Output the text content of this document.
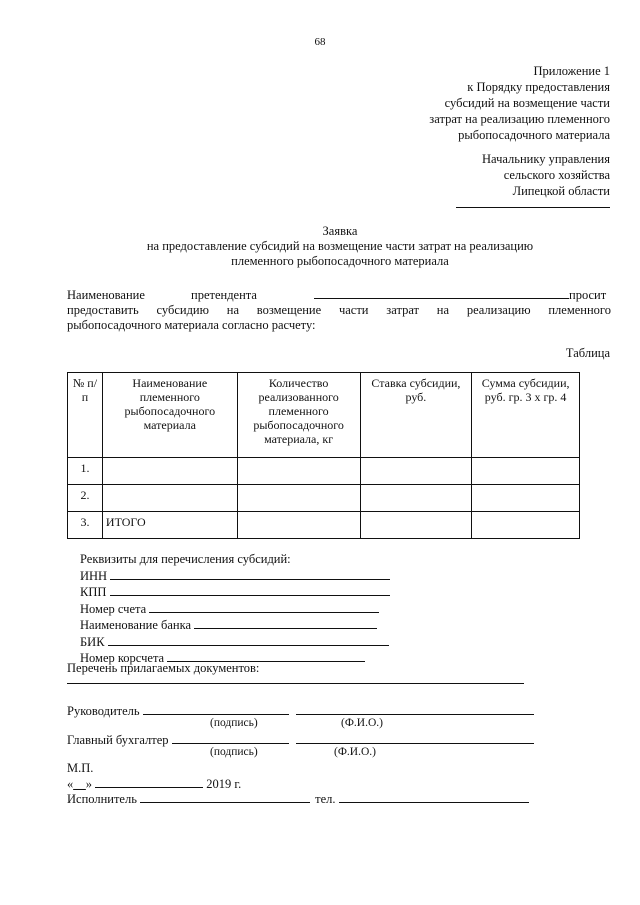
68
Приложение 1
к Порядку предоставления
субсидий на возмещение части
затрат на реализацию племенного
рыбопосадочного материала
Начальнику управления
сельского хозяйства
Липецкой области
Заявка
на предоставление субсидий на возмещение части затрат на реализацию
племенного рыбопосадочного материала
Наименование	претендента	просит
предоставить субсидию на возмещение части затрат на реализацию племенного
рыбопосадочного материала согласно расчету:
Таблица
№ п/п	Наименование племенного рыбопосадочного материала	Количество реализованного племенного рыбопосадочного материала, кг	Ставка субсидии, руб.	Сумма субсидии, руб. гр. 3 х гр. 4
1.				
2.				
3.	ИТОГО			
Реквизиты для перечисления субсидий:
ИНН
КПП
Номер счета
Наименование банка
БИК
Номер корсчета
Перечень прилагаемых документов:
Руководитель
(подпись)	(Ф.И.О.)
Главный бухгалтер
(подпись)	(Ф.И.О.)
М.П.
«__»	2019 г.
Исполнитель	тел.
